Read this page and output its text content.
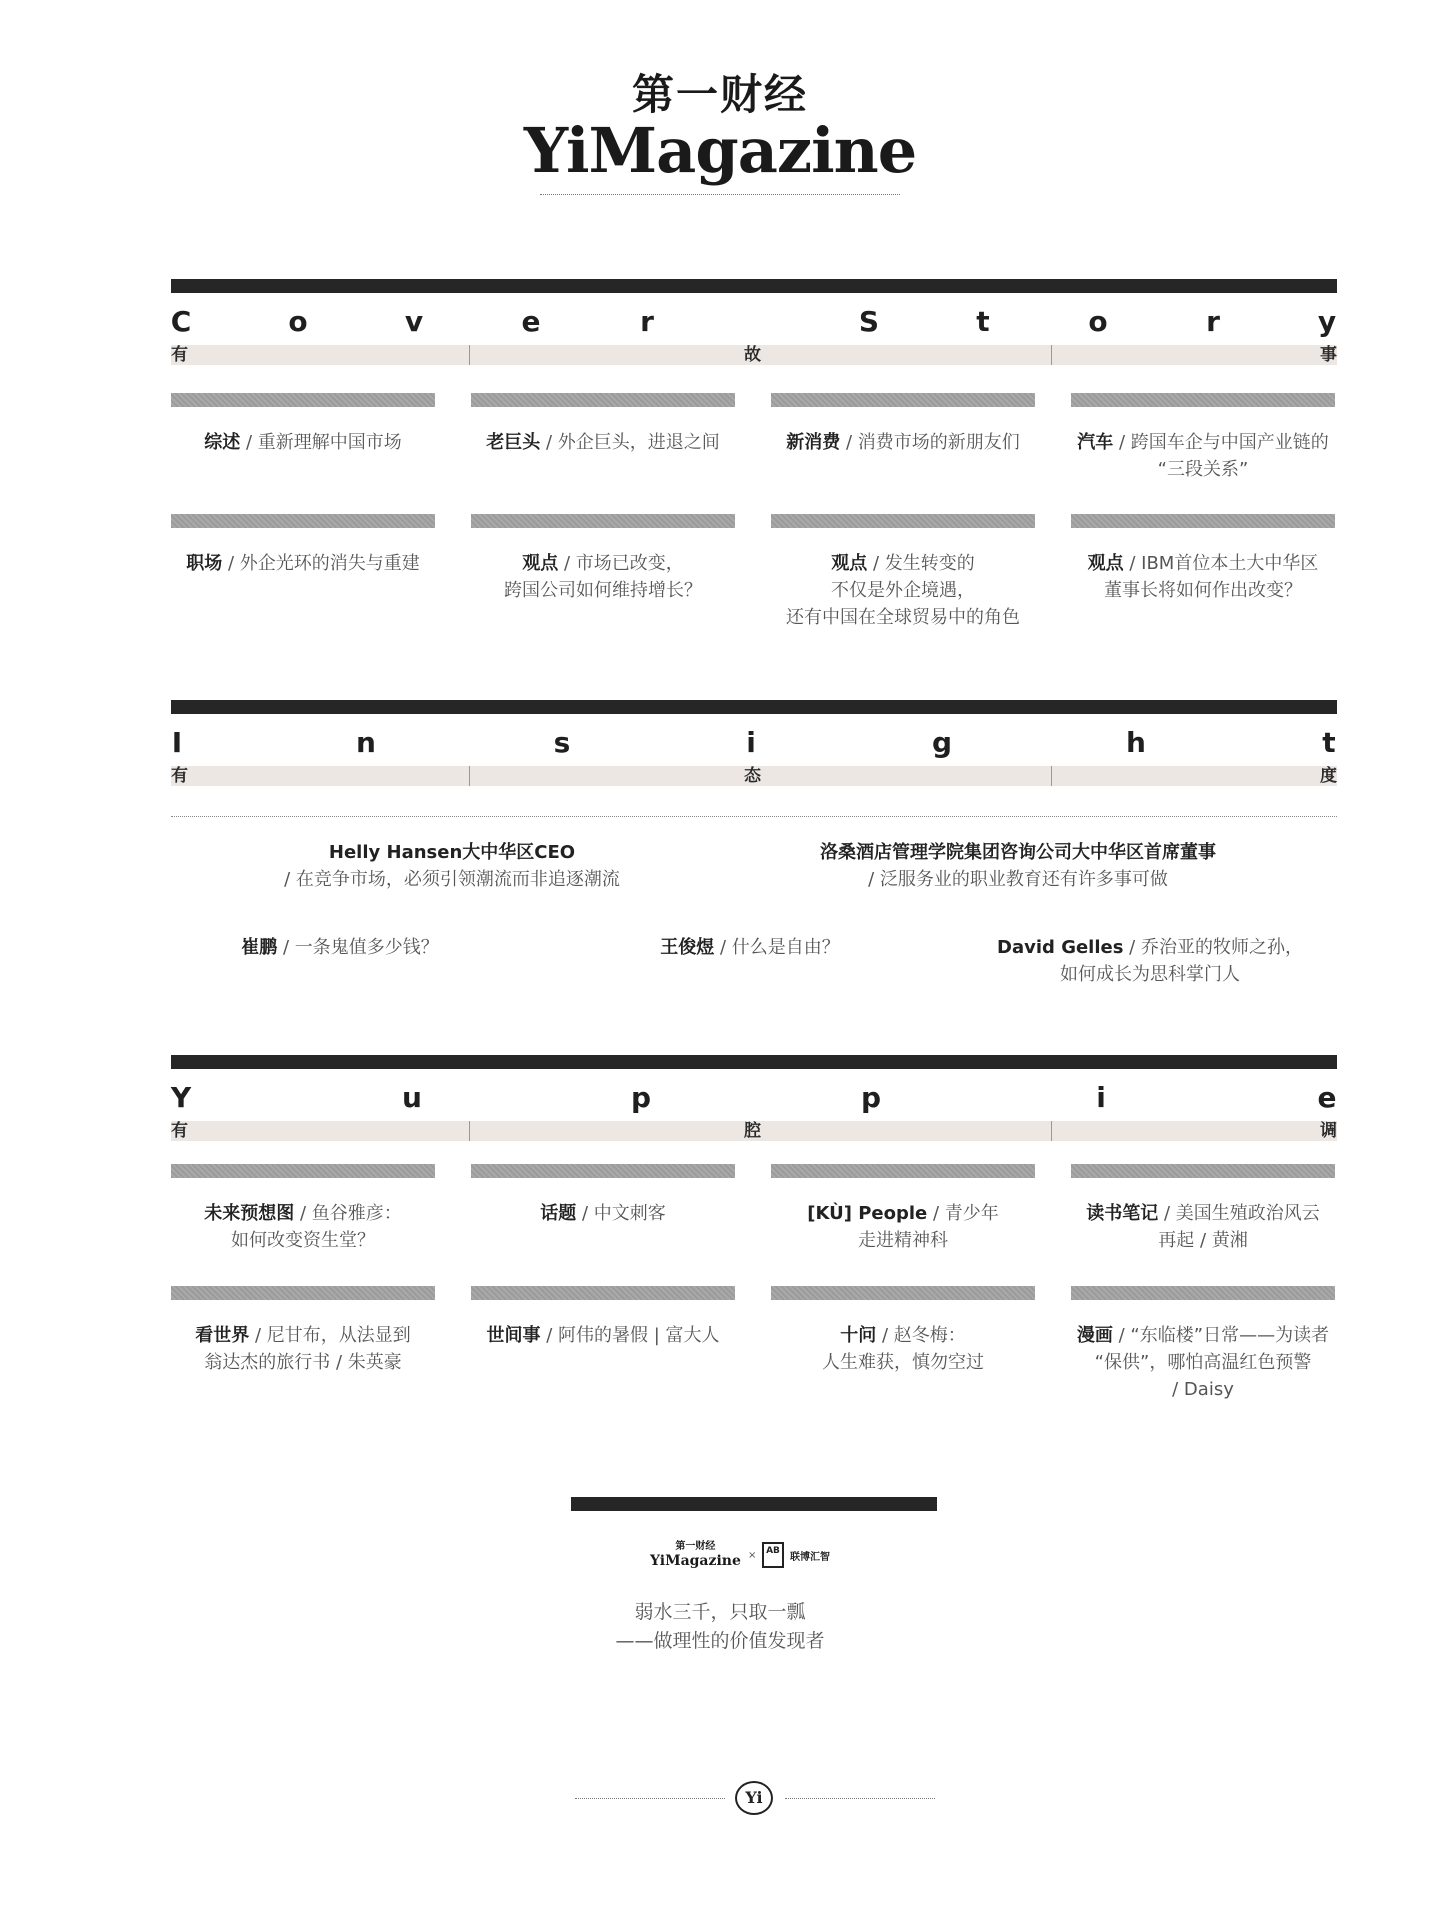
第一财经
YiMagazine
C	o	v	e	r	S	t	o	r	y
有	故	事
综述 / 重新理解中国市场	老巨头 / 外企巨头，进退之间	新消费 / 消费市场的新朋友们	汽车 / 跨国车企与中国产业链的
“三段关系”
职场 / 外企光环的消失与重建	观点 / 市场已改变，
跨国公司如何维持增长？
观点 / 发生转变的
不仅是外企境遇，
还有中国在全球贸易中的角色
观点 / IBM首位本土大中华区
董事长将如何作出改变？
I	n	s	i	g	h	t
有	态	度
Helly Hansen大中华区CEO
/ 在竞争市场，必须引领潮流而非追逐潮流
洛桑酒店管理学院集团咨询公司大中华区首席董事
/ 泛服务业的职业教育还有许多事可做
崔鹏 / 一条鬼值多少钱？	王俊煜 / 什么是自由？	David Gelles / 乔治亚的牧师之孙，
如何成长为思科掌门人
Y	u	p	p	i	e
有	腔	调
未来预想图 / 鱼谷雅彦：
如何改变资生堂？
话题 / 中文刺客	[KÙ] People / 青少年
走进精神科
读书笔记 / 美国生殖政治风云
再起 / 黄湘
看世界 / 尼甘布，从法显到
翁达杰的旅行书 / 朱英豪
世间事 / 阿伟的暑假 | 富大人	十问 / 赵冬梅：
人生难获，慎勿空过
漫画 / “东临楼”日常——为读者
“保供”，哪怕高温红色预警
/ Daisy
第一财经
YiMagazine ×	AB
联博汇智
弱水三千，只取一瓢
——做理性的价值发现者
Yi
